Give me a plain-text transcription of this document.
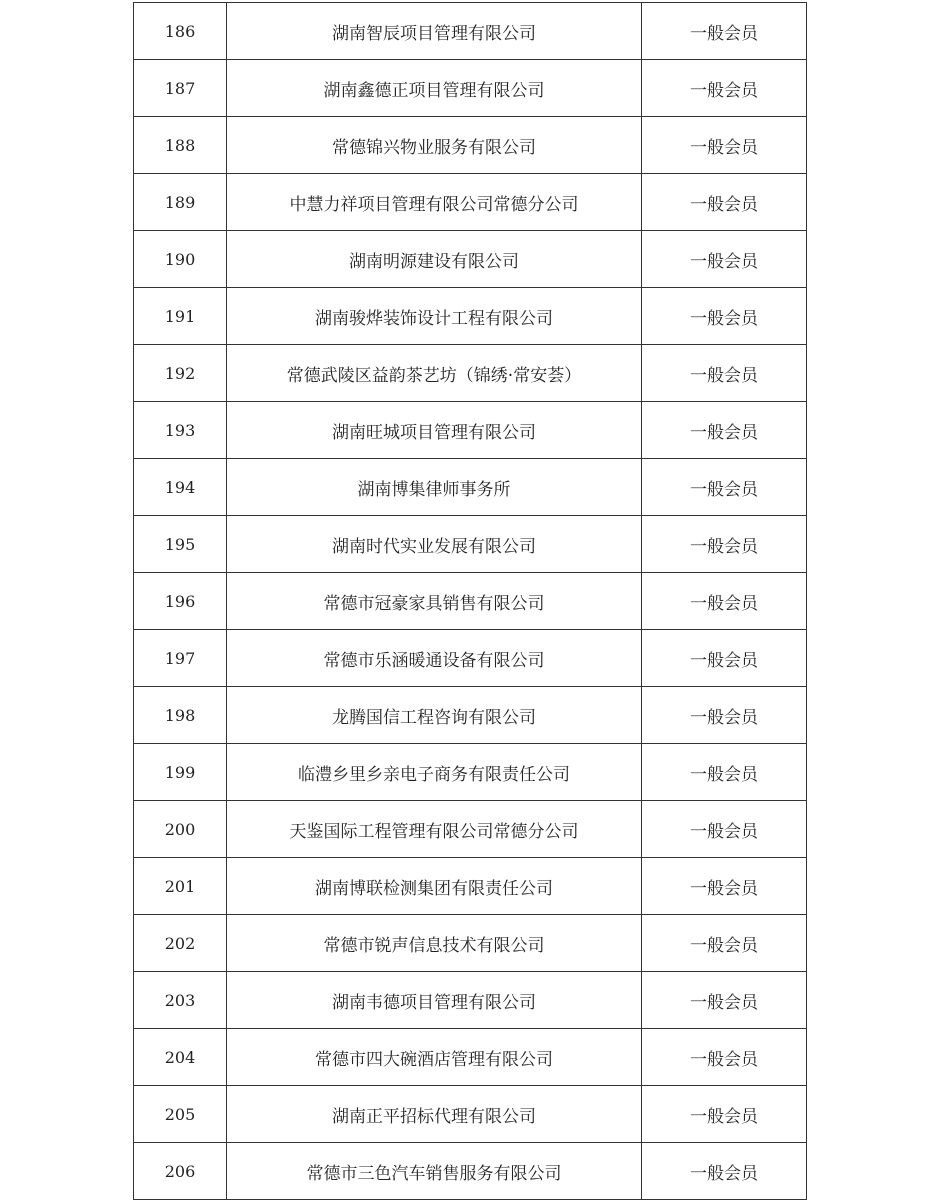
186	湖南智辰项目管理有限公司	一般会员
187	湖南鑫德正项目管理有限公司	一般会员
188	常德锦兴物业服务有限公司	一般会员
189	中慧力祥项目管理有限公司常德分公司	一般会员
190	湖南明源建设有限公司	一般会员
191	湖南骏烨装饰设计工程有限公司	一般会员
192	常德武陵区益韵茶艺坊（锦绣·常安荟）	一般会员
193	湖南旺城项目管理有限公司	一般会员
194	湖南博集律师事务所	一般会员
195	湖南时代实业发展有限公司	一般会员
196	常德市冠豪家具销售有限公司	一般会员
197	常德市乐涵暖通设备有限公司	一般会员
198	龙腾国信工程咨询有限公司	一般会员
199	临澧乡里乡亲电子商务有限责任公司	一般会员
200	天鉴国际工程管理有限公司常德分公司	一般会员
201	湖南博联检测集团有限责任公司	一般会员
202	常德市锐声信息技术有限公司	一般会员
203	湖南韦德项目管理有限公司	一般会员
204	常德市四大碗酒店管理有限公司	一般会员
205	湖南正平招标代理有限公司	一般会员
206	常德市三色汽车销售服务有限公司	一般会员
